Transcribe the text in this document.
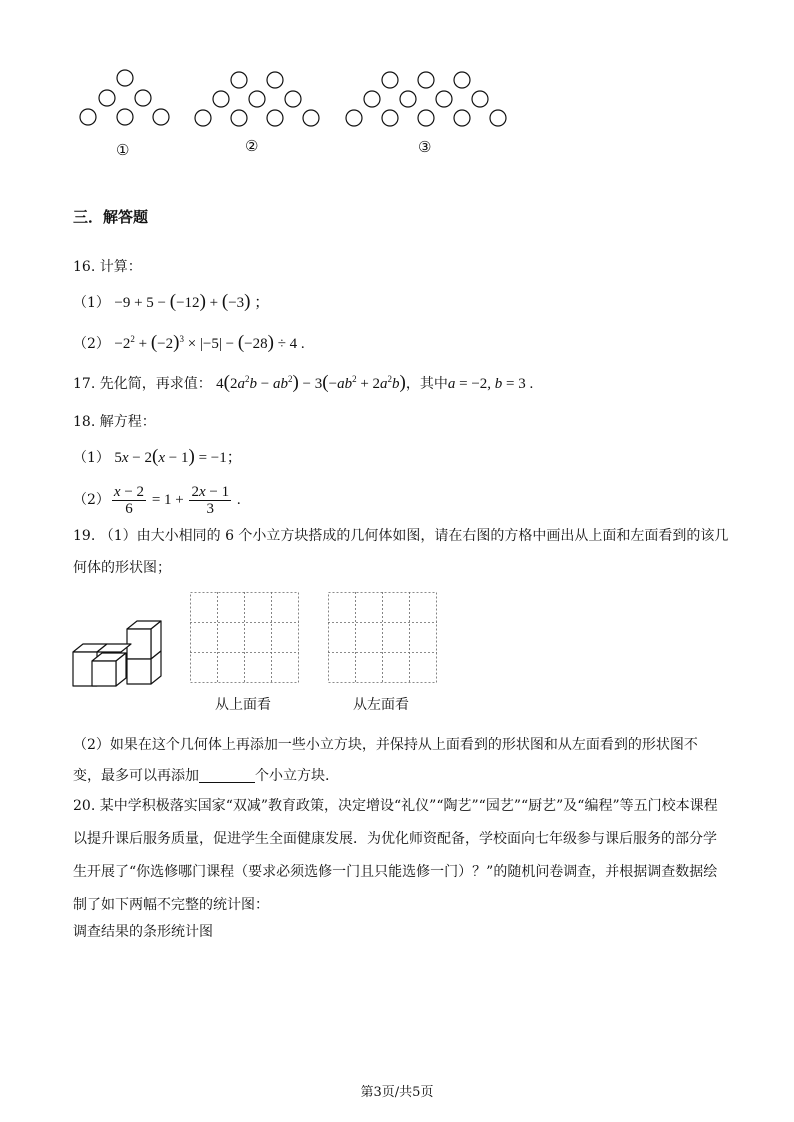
①	②	③
三．解答题
16. 计算：
（1） −9 + 5 − (−12) + (−3) ；
$(2) -2^2 + (-2)^3 \times |-5| - (-28) \div 4$ .
17. 先化简，再求值： $4(2a^2b - ab^2) - 3(-ab^2 + 2a^2b)$，其中a = −2, b = 3 .
18. 解方程：
（1） 5x − 2(x − 1) = −1；
$(2) \frac{x - 2}{6} = 1 + \frac{2x - 1}{3}$ .
19. （1）由大小相同的 6 个小立方块搭成的几何体如图，请在右图的方格中画出从上面和左面看到的该几
何体的形状图；
从上面看	从左面看
（2）如果在这个几何体上再添加一些小立方块，并保持从上面看到的形状图和从左面看到的形状图不
变，最多可以再添加	个小立方块.
20. 某中学积极落实国家“双减”教育政策，决定增设“礼仪”“陶艺”“园艺”“厨艺”及“编程”等五门校本课程以提升课后服务质量，促进学生全面健康发展．为优化师资配备，学校面向七年级参与课后服务的部分学生开展了“你选修哪门课程（要求必须选修一门且只能选修一门）？”的随机问卷调查，并根据调查数据绘制了如下两幅不完整的统计图：
调查结果的条形统计图
第3页/共5页
